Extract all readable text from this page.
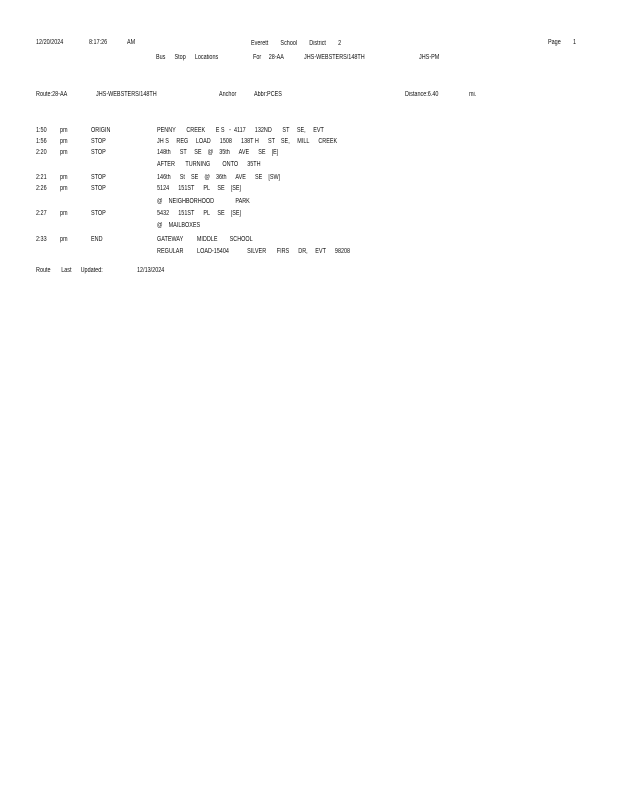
12/20/2024	8:17:26	AM	Everett        School        District        2	Page 1
Bus      Stop      Locations	For     28-AA	JHS-WEBSTERS/148TH	JHS-PM
Route:28-AA	JHS-WEBSTERS/148TH	Anchor	Abbr:PCES	Distance:6.40	mi.
1:50 pm	ORIGIN	PENNY       CREEK       E S   -  4117      132ND       ST     SE,     EVT
1:56 pm	STOP	JH S     REG     LOAD      1508      138T H      ST    SE,     MILL      CREEK
2:20 pm	STOP	148th      ST     SE    @    35th      AVE      SE    [E]
AFTER       TURNING        ONTO      35TH
2:21 pm	STOP	146th      St    SE    @    36th      AVE      SE    [SW]
2:26 pm	STOP	5124      151ST      PL     SE    [SE]
@    NEIGHBORHOOD              PARK
2:27 pm	STOP	5432      151ST      PL     SE    [SE]
@    MAILBOXES
2:33 pm	END	GATEWAY         MIDDLE        SCHOOL
REGULAR         LOAD-15404            SILVER       FIRS      DR,     EVT      98208
Route       Last      Updated:	12/13/2024
